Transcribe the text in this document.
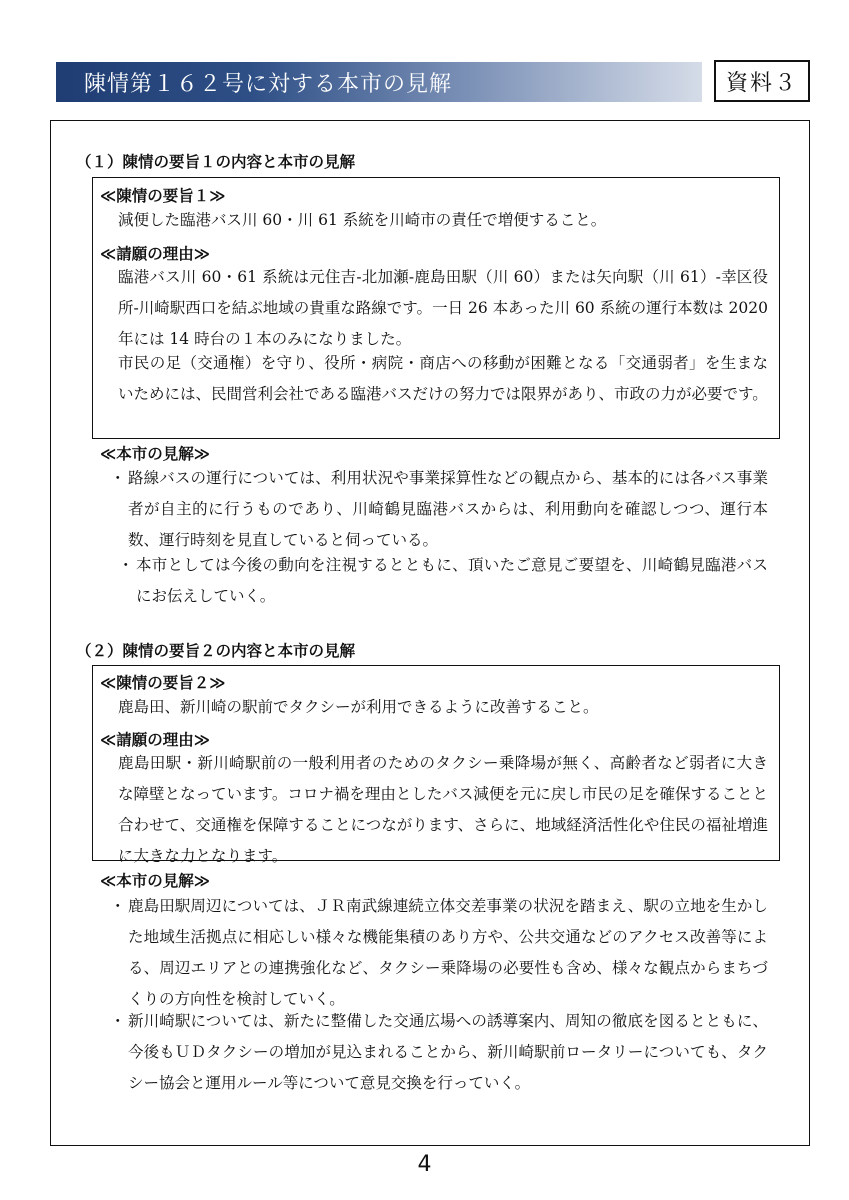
陳情第１６２号に対する本市の見解	資料３
（１）陳情の要旨１の内容と本市の見解
≪陳情の要旨１≫

減便した臨港バス川 60・川 61 系統を川崎市の責任で増便すること。

≪請願の理由≫

臨港バス川 60・61 系統は元住吉-北加瀬-鹿島田駅（川 60）または矢向駅（川 61）-幸区役所-川崎駅西口を結ぶ地域の貴重な路線です。一日 26 本あった川 60 系統の運行本数は 2020 年には 14 時台の１本のみになりました。

市民の足（交通権）を守り、役所・病院・商店への移動が困難となる「交通弱者」を生まないためには、民間営利会社である臨港バスだけの努力では限界があり、市政の力が必要です。

≪本市の見解≫
・ 路線バスの運行については、利用状況や事業採算性などの観点から、基本的には各バス事業者が自主的に行うものであり、川崎鶴見臨港バスからは、利用動向を確認しつつ、運行本数、運行時刻を見直していると伺っている。

・ 本市としては今後の動向を注視するとともに、頂いたご意見ご要望を、川崎鶴見臨港バスにお伝えしていく。

（２）陳情の要旨２の内容と本市の見解
≪陳情の要旨２≫

鹿島田、新川崎の駅前でタクシーが利用できるように改善すること。

≪請願の理由≫

鹿島田駅・新川崎駅前の一般利用者のためのタクシー乗降場が無く、高齢者など弱者に大きな障壁となっています。コロナ禍を理由としたバス減便を元に戻し市民の足を確保することと合わせて、交通権を保障することにつながります、さらに、地域経済活性化や住民の福祉増進に大きな力となります。

≪本市の見解≫
・ 鹿島田駅周辺については、ＪＲ南武線連続立体交差事業の状況を踏まえ、駅の立地を生かした地域生活拠点に相応しい様々な機能集積のあり方や、公共交通などのアクセス改善等による、周辺エリアとの連携強化など、タクシー乗降場の必要性も含め、様々な観点からまちづくりの方向性を検討していく。

・ 新川崎駅については、新たに整備した交通広場への誘導案内、周知の徹底を図るとともに、今後もＵＤタクシーの増加が見込まれることから、新川崎駅前ロータリーについても、タクシー協会と運用ルール等について意見交換を行っていく。

4
